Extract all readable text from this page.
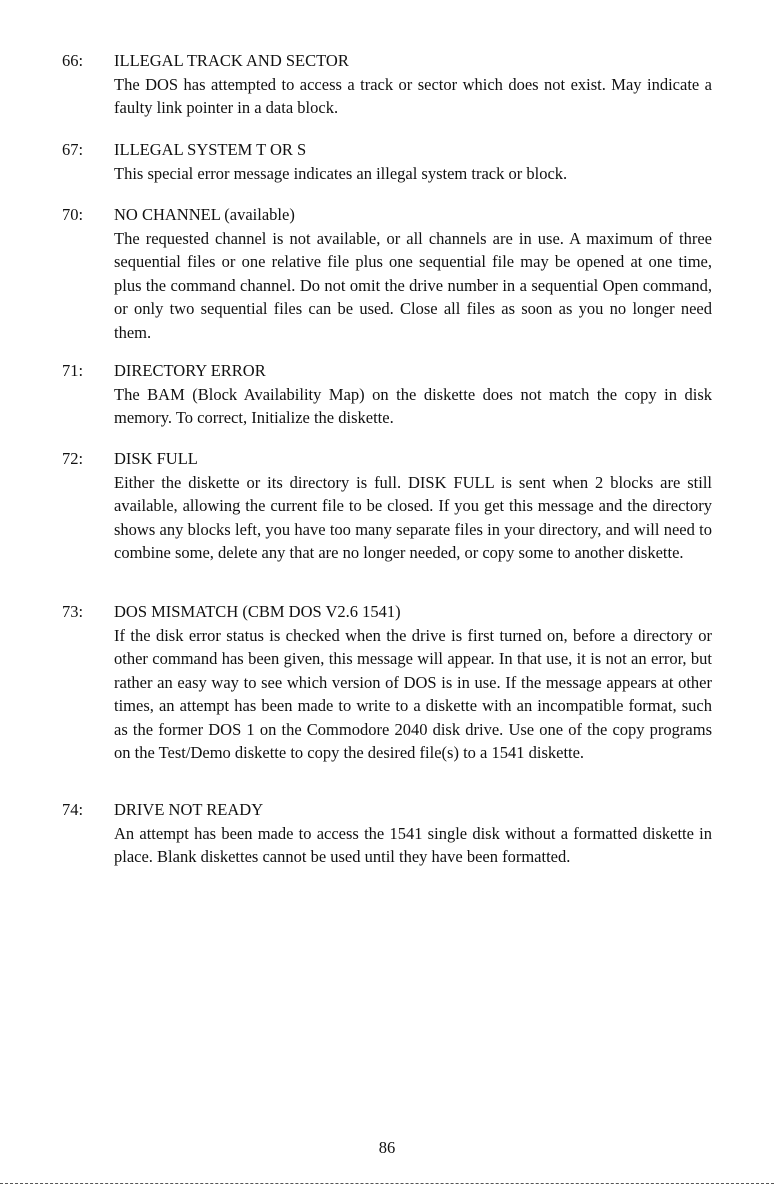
66:	ILLEGAL TRACK AND SECTOR
The DOS has attempted to access a track or sector which does not exist. May indicate a faulty link pointer in a data block.
67:	ILLEGAL SYSTEM T OR S
This special error message indicates an illegal system track or block.
70:	NO CHANNEL (available)
The requested channel is not available, or all channels are in use. A maximum of three sequential files or one relative file plus one sequential file may be opened at one time, plus the command channel. Do not omit the drive number in a sequential Open command, or only two sequential files can be used. Close all files as soon as you no longer need them.
71:	DIRECTORY ERROR
The BAM (Block Availability Map) on the diskette does not match the copy in disk memory. To correct, Initialize the diskette.
72:	DISK FULL
Either the diskette or its directory is full. DISK FULL is sent when 2 blocks are still available, allowing the current file to be closed. If you get this message and the directory shows any blocks left, you have too many separate files in your directory, and will need to combine some, delete any that are no longer needed, or copy some to another diskette.
73:	DOS MISMATCH (CBM DOS V2.6 1541)
If the disk error status is checked when the drive is first turned on, before a directory or other command has been given, this message will appear. In that use, it is not an error, but rather an easy way to see which version of DOS is in use. If the message appears at other times, an attempt has been made to write to a diskette with an incompatible format, such as the former DOS 1 on the Commodore 2040 disk drive. Use one of the copy programs on the Test/Demo diskette to copy the desired file(s) to a 1541 diskette.
74:	DRIVE NOT READY
An attempt has been made to access the 1541 single disk without a formatted diskette in place. Blank diskettes cannot be used until they have been formatted.
86
